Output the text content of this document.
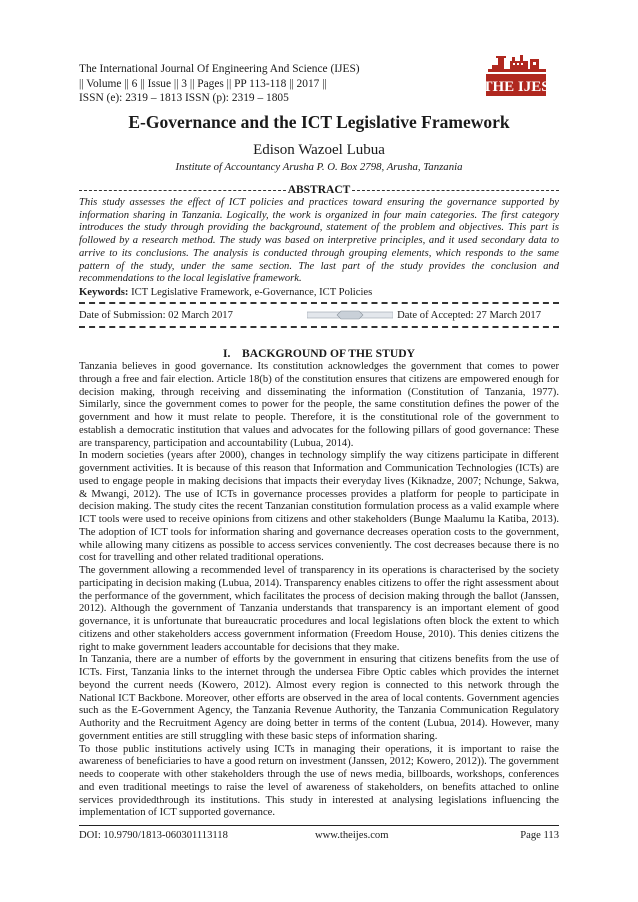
The International Journal Of Engineering And Science (IJES)
|| Volume || 6 || Issue || 3 || Pages || PP 113-118 || 2017 ||
ISSN (e): 2319 – 1813 ISSN (p): 2319 – 1805
THE IJES
E-Governance and the ICT Legislative Framework
Edison Wazoel Lubua
Institute of Accountancy Arusha P. O. Box 2798, Arusha, Tanzania
ABSTRACT
This study assesses the effect of ICT policies and practices toward ensuring the governance supported by information sharing in Tanzania. Logically, the work is organized in four main categories. The first category introduces the study through providing the background, statement of the problem and objectives. This part is followed by a research method. The study was based on interpretive principles, and it used secondary data to arrive to its conclusions. The analysis is conducted through grouping elements, which responds to the same pattern of the study, under the same section. The last part of the study provides the conclusion and recommendations to the local legislative framework.
Keywords: ICT Legislative Framework, e-Governance, ICT Policies
Date of Submission: 02 March 2017	Date of Accepted: 27 March 2017
I.    BACKGROUND OF THE STUDY

Tanzania believes in good governance. Its constitution acknowledges the government that comes to power through a free and fair election. Article 18(b) of the constitution ensures that citizens are empowered enough for decision making, through receiving and disseminating the information (Constitution of Tanzania, 1977). Similarly, since the government comes to power for the people, the same constitution defines the power of the government and how it must relate to people. Therefore, it is the constitutional role of the government to establish a democratic institution that values and advocates for the following pillars of good governance: These are transparency, participation and accountability (Lubua, 2014).

In modern societies (years after 2000), changes in technology simplify the way citizens participate in different government activities. It is because of this reason that Information and Communication Technologies (ICTs) are used to engage people in making decisions that impacts their everyday lives (Kiknadze, 2007; Nchunge, Sakwa, & Mwangi, 2012). The use of ICTs in governance processes provides a platform for people to participate in decision making. The study cites the recent Tanzanian constitution formulation process as a valid example where ICT tools were used to receive opinions from citizens and other stakeholders (Bunge Maalumu la Katiba, 2013). The adoption of ICT tools for information sharing and governance decreases operation costs to the government, while allowing many citizens as possible to access services conveniently. The cost decreases because there is no cost for travelling and other related traditional operations.

The government allowing a recommended level of transparency in its operations is characterised by the society participating in decision making (Lubua, 2014). Transparency enables citizens to offer the right assessment about the performance of the government, which facilitates the process of decision making through the ballot (Janssen, 2012). Although the government of Tanzania understands that transparency is an important element of good governance, it is unfortunate that bureaucratic procedures and local legislations often block the extent to which citizens and other stakeholders access government information (Freedom House, 2010). This denies citizens the right to make government leaders accountable for decisions that they make.

In Tanzania, there are a number of efforts by the government in ensuring that citizens benefits from the use of ICTs. First, Tanzania links to the internet through the undersea Fibre Optic cables which provides the internet beyond the current needs (Kowero, 2012). Almost every region is connected to this network through the National ICT Backbone. Moreover, other efforts are observed in the area of local contents. Government agencies such as the E-Government Agency, the Tanzania Revenue Authority, the Tanzania Communication Regulatory Authority and the Recruitment Agency are doing better in terms of the content (Lubua, 2014). However, many government entities are still struggling with these basic steps of information sharing.

To those public institutions actively using ICTs in managing their operations, it is important to raise the awareness of beneficiaries to have a good return on investment (Janssen, 2012; Kowero, 2012)). The government needs to cooperate with other stakeholders through the use of news media, billboards, workshops, conferences and even traditional meetings to raise the level of awareness of stakeholders, on benefits attached to online services providedthrough its institutions. This study in interested at analysing legislations influencing the implementation of ICT supported governance.

DOI: 10.9790/1813-060301113118	www.theijes.com	Page 113
